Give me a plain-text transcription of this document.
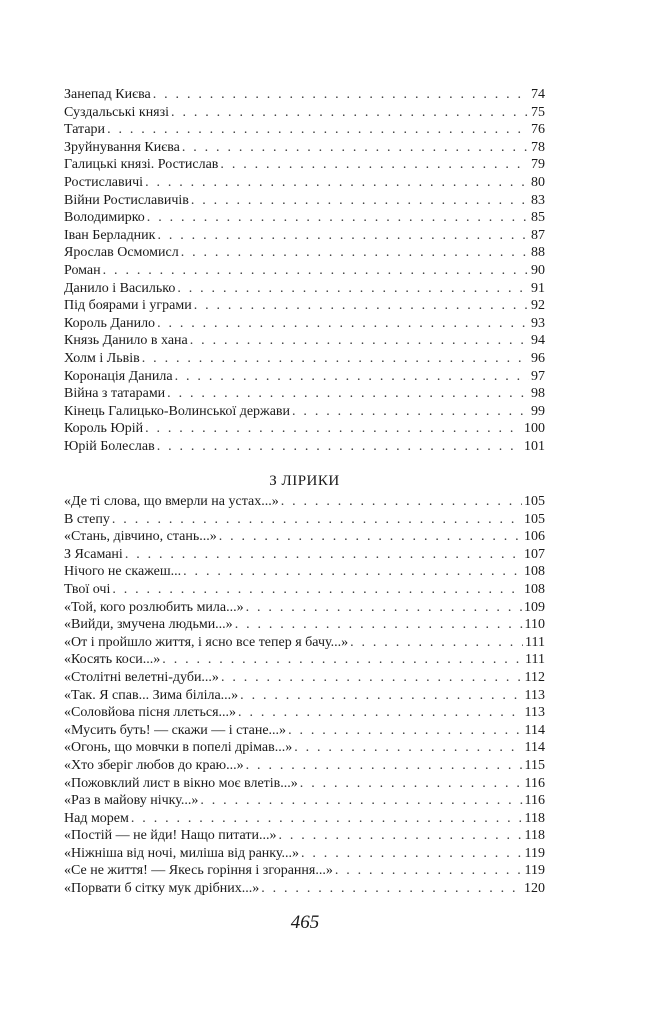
Занепад Києва . . .	74
Суздальські князі . . .	75
Татари . . .	76
Зруйнування Києва . . .	78
Галицькі князі. Ростислав . . .	79
Ростиславичі . . .	80
Війни Ростиславичів . . .	83
Володимирко . . .	85
Іван Берладник . . .	87
Ярослав Осмомисл . . .	88
Роман . . .	90
Данило і Василько . . .	91
Під боярами і уграми . . .	92
Король Данило . . .	93
Князь Данило в хана . . .	94
Холм і Львів . . .	96
Коронація Данила . . .	97
Війна з татарами . . .	98
Кінець Галицько-Волинської держави . . .	99
Король Юрій . . .	100
Юрій Болеслав . . .	101
З ЛІРИКИ
«Де ті слова, що вмерли на устах...» . . .	105
В степу . . .	105
«Стань, дівчино, стань...» . . .	106
З Ясамані . . .	107
Нічого не скажеш... . . .	108
Твої очі . . .	108
«Той, кого розлюбить мила...» . . .	109
«Вийди, змучена людьми...» . . .	110
«От і пройшло життя, і ясно все тепер я бачу...» . . .	111
«Косять коси...» . . .	111
«Столітні велетні-дуби...» . . .	112
«Так. Я спав... Зима біліла...» . . .	113
«Соловйова пісня ллється...» . . .	113
«Мусить буть! — скажи — і стане...» . . .	114
«Огонь, що мовчки в попелі дрімав...» . . .	114
«Хто зберіг любов до краю...» . . .	115
«Пожовклий лист в вікно моє влетів...» . . .	116
«Раз в майову нічку...» . . .	116
Над морем . . .	118
«Постій — не йди! Нащо питати...» . . .	118
«Ніжніша від ночі, миліша від ранку...» . . .	119
«Се не життя! — Якесь горіння і згорання...» . . .	119
«Порвати б сітку мук дрібних...» . . .	120
465
